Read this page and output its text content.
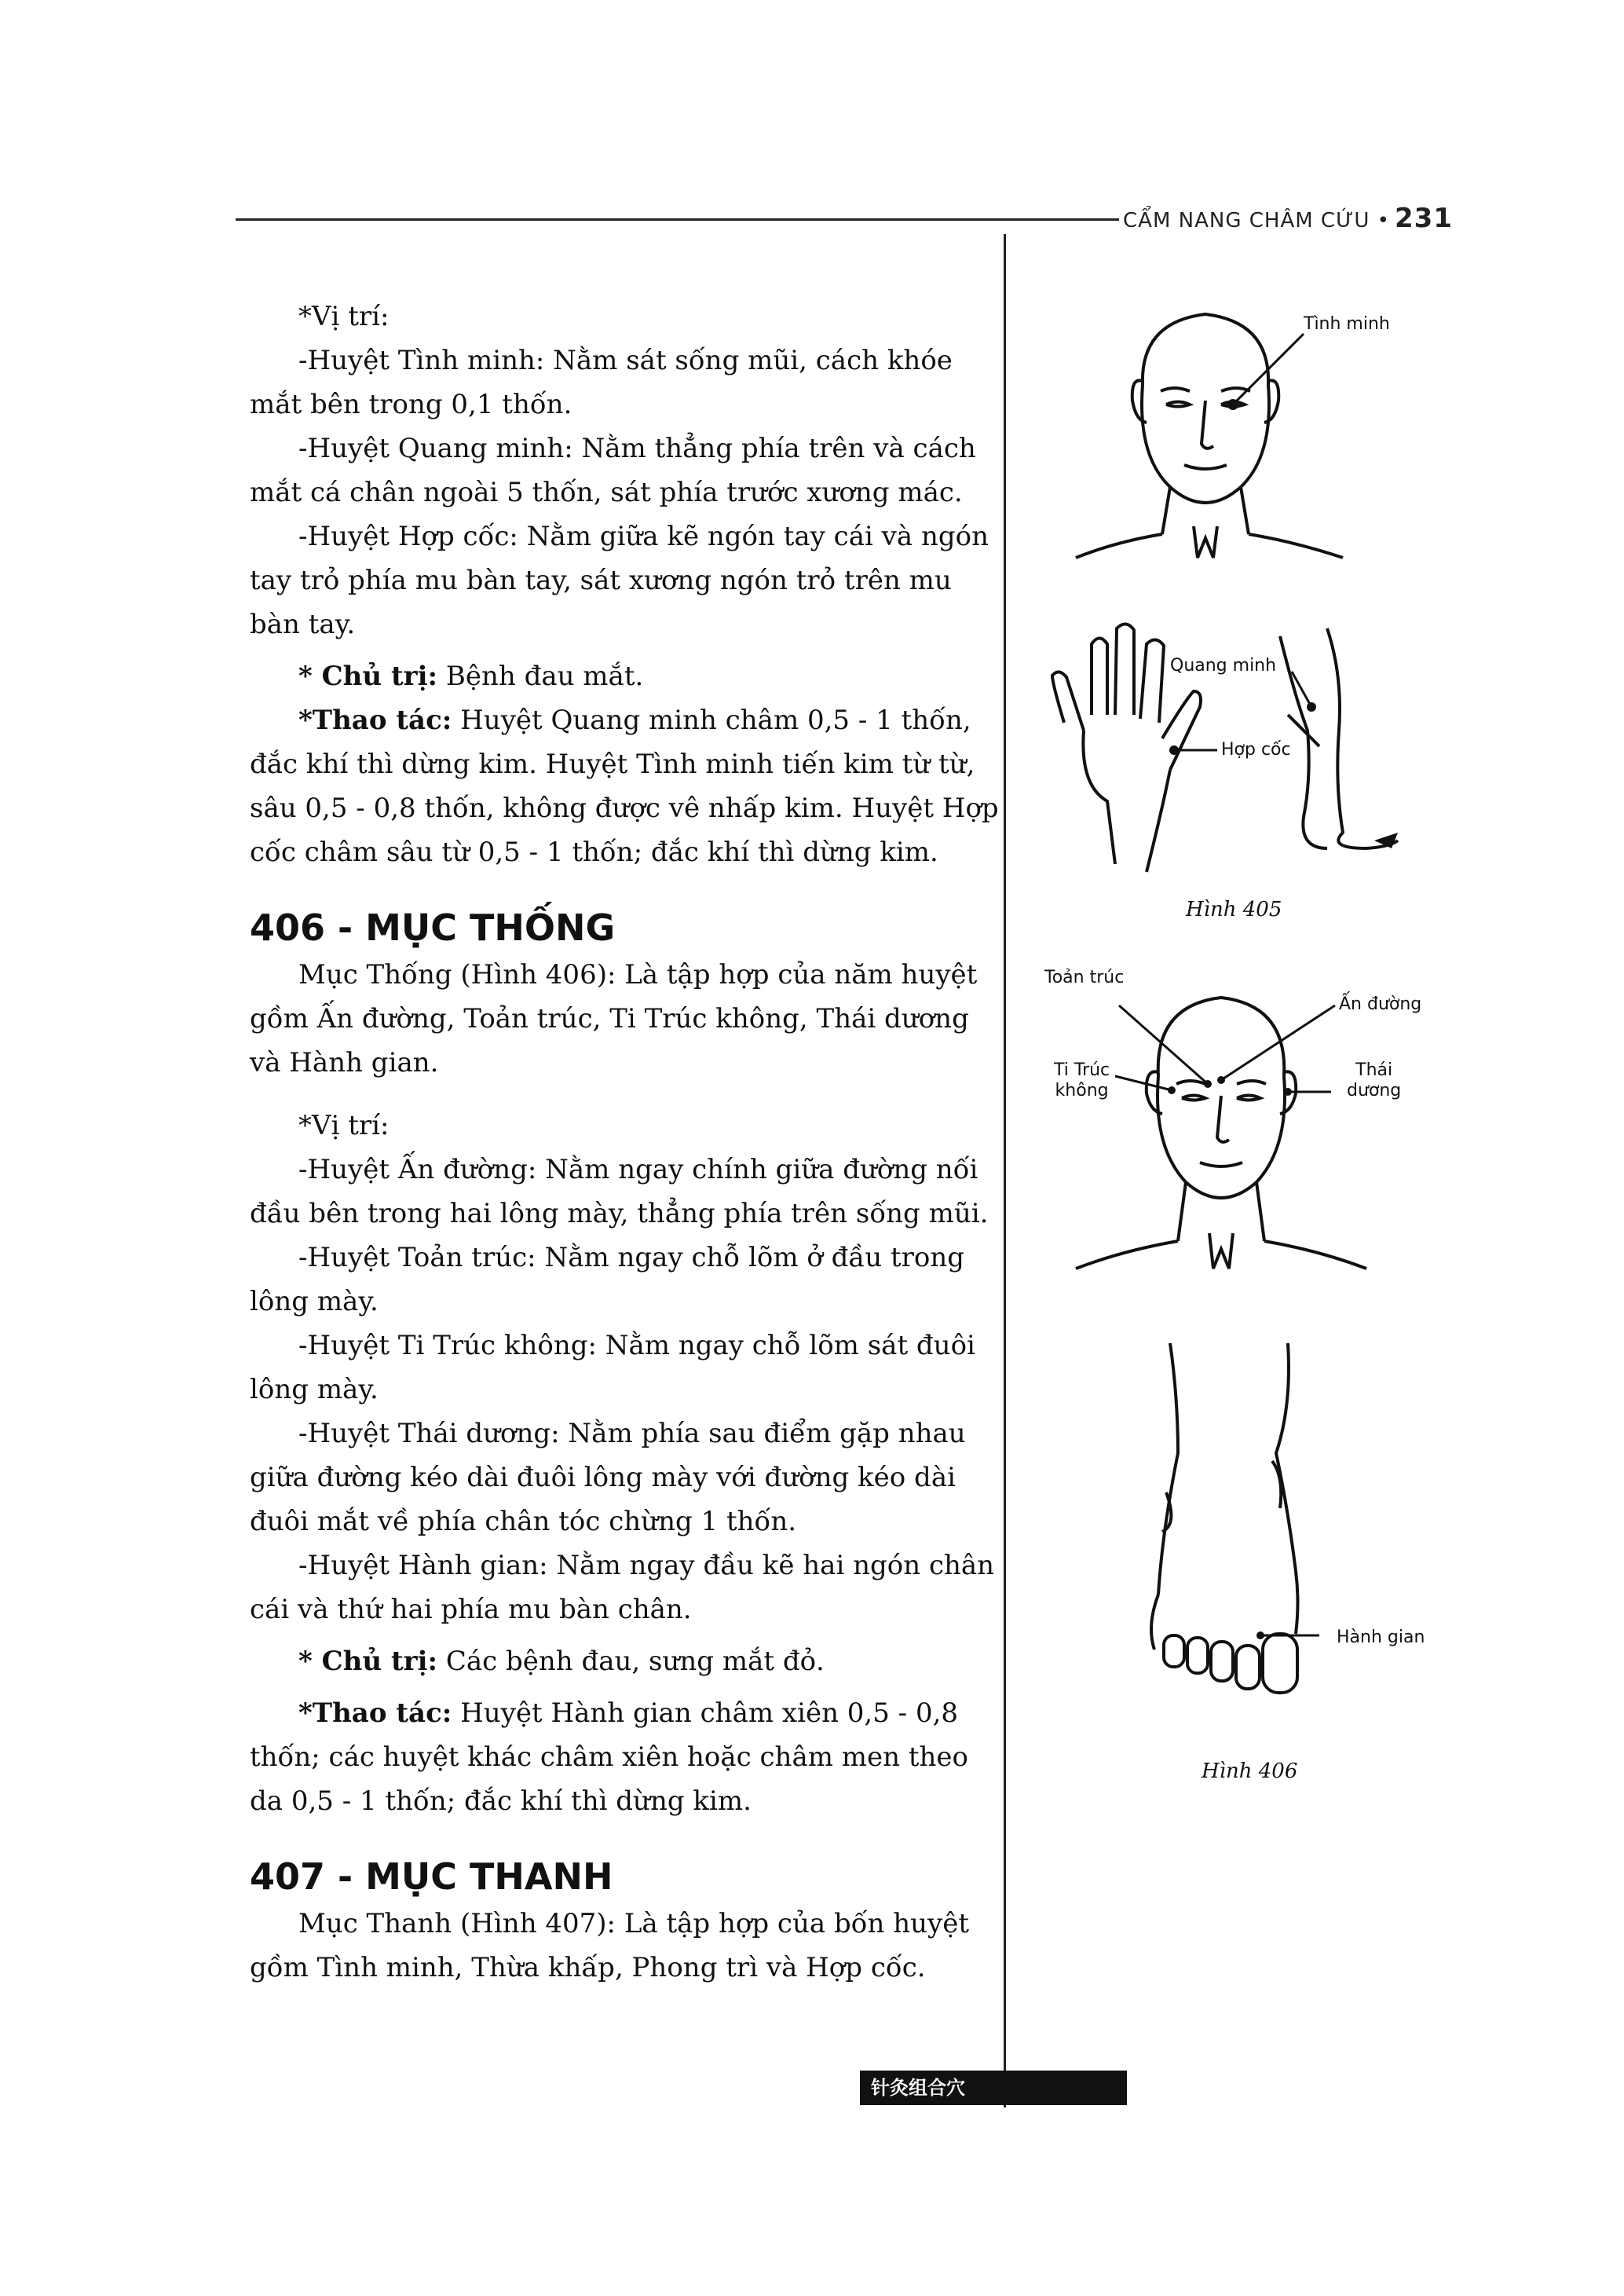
CẨM NANG CHÂM CỨU • 231

*Vị trí:

-Huyệt Tình minh: Nằm sát sống mũi, cách khóe mắt bên trong 0,1 thốn.

-Huyệt Quang minh: Nằm thẳng phía trên và cách mắt cá chân ngoài 5 thốn, sát phía trước xương mác.

-Huyệt Hợp cốc: Nằm giữa kẽ ngón tay cái và ngón tay trỏ phía mu bàn tay, sát xương ngón trỏ trên mu bàn tay.

* Chủ trị: Bệnh đau mắt.

*Thao tác: Huyệt Quang minh châm 0,5 - 1 thốn, đắc khí thì dừng kim. Huyệt Tình minh tiến kim từ từ, sâu 0,5 - 0,8 thốn, không được vê nhấp kim. Huyệt Hợp cốc châm sâu từ 0,5 - 1 thốn; đắc khí thì dừng kim.

406 - MỤC THỐNG

Mục Thống (Hình 406): Là tập hợp của năm huyệt gồm Ấn đường, Toản trúc, Ti Trúc không, Thái dương và Hành gian.

*Vị trí:

-Huyệt Ấn đường: Nằm ngay chính giữa đường nối đầu bên trong hai lông mày, thẳng phía trên sống mũi.

-Huyệt Toản trúc: Nằm ngay chỗ lõm ở đầu trong lông mày.

-Huyệt Ti Trúc không: Nằm ngay chỗ lõm sát đuôi lông mày.

-Huyệt Thái dương: Nằm phía sau điểm gặp nhau giữa đường kéo dài đuôi lông mày với đường kéo dài đuôi mắt về phía chân tóc chừng 1 thốn.

-Huyệt Hành gian: Nằm ngay đầu kẽ hai ngón chân cái và thứ hai phía mu bàn chân.

* Chủ trị: Các bệnh đau, sưng mắt đỏ.

*Thao tác: Huyệt Hành gian châm xiên 0,5 - 0,8 thốn; các huyệt khác châm xiên hoặc châm men theo da 0,5 - 1 thốn; đắc khí thì dừng kim.

407 - MỤC THANH

Mục Thanh (Hình 407): Là tập hợp của bốn huyệt gồm Tình minh, Thừa khấp, Phong trì và Hợp cốc.

Tình minh
Quang minh
Hợp cốc
Hình 405
Toản trúc
Ấn đường
Ti Trúc
không
Thái
dương
Hành gian
Hình 406
针灸组合穴
